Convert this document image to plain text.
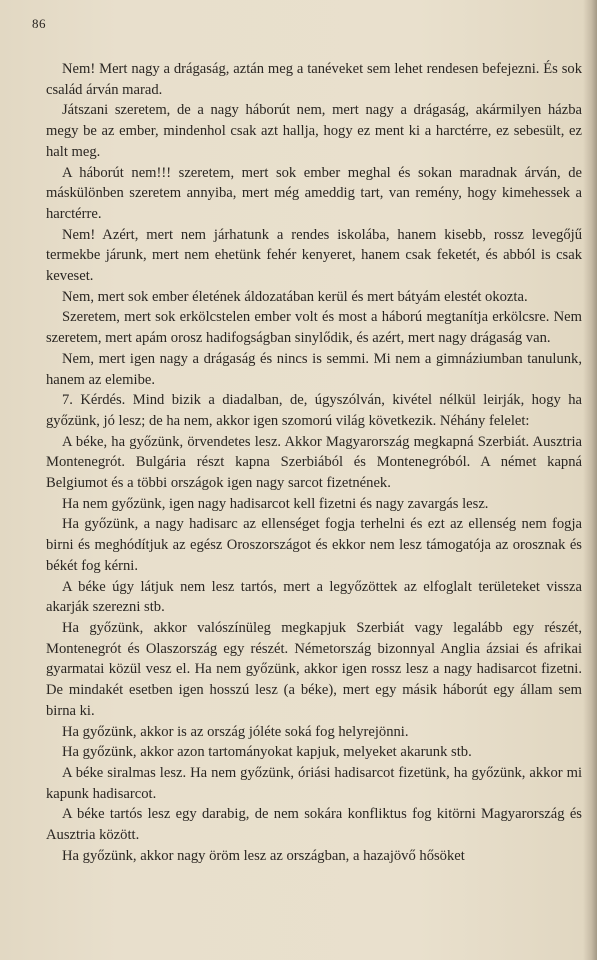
86

Nem! Mert nagy a drágaság, aztán meg a tanéveket sem lehet rendesen befejezni. És sok család árván marad.

Játszani szeretem, de a nagy háborút nem, mert nagy a drágaság, akármilyen házba megy be az ember, mindenhol csak azt hallja, hogy ez ment ki a harctérre, ez sebesült, ez halt meg.

A háborút nem!!! szeretem, mert sok ember meghal és sokan maradnak árván, de máskülönben szeretem annyiba, mert még ameddig tart, van remény, hogy kimehessek a harctérre.

Nem! Azért, mert nem járhatunk a rendes iskolába, hanem kisebb, rossz levegőjű termekbe járunk, mert nem ehetünk fehér kenyeret, hanem csak feketét, és abból is csak keveset.

Nem, mert sok ember életének áldozatában kerül és mert bátyám elestét okozta.

Szeretem, mert sok erkölcstelen ember volt és most a háború megtanítja erkölcsre. Nem szeretem, mert apám orosz hadifogságban sinylődik, és azért, mert nagy drágaság van.

Nem, mert igen nagy a drágaság és nincs is semmi. Mi nem a gimnáziumban tanulunk, hanem az elemibe.

7. Kérdés. Mind bizik a diadalban, de, úgyszólván, kivétel nélkül leirják, hogy ha győzünk, jó lesz; de ha nem, akkor igen szomorú világ következik. Néhány felelet:

A béke, ha győzünk, örvendetes lesz. Akkor Magyarország megkapná Szerbiát. Ausztria Montenegrót. Bulgária részt kapna Szerbiából és Montenegróból. A német kapná Belgiumot és a többi országok igen nagy sarcot fizetnének.

Ha nem győzünk, igen nagy hadisarcot kell fizetni és nagy zavargás lesz.

Ha győzünk, a nagy hadisarc az ellenséget fogja terhelni és ezt az ellenség nem fogja birni és meghódítjuk az egész Oroszországot és ekkor nem lesz támogatója az orosznak és békét fog kérni.

A béke úgy látjuk nem lesz tartós, mert a legyőzöttek az elfoglalt területeket vissza akarják szerezni stb.

Ha győzünk, akkor valószínüleg megkapjuk Szerbiát vagy legalább egy részét, Montenegrót és Olaszország egy részét. Németország bizonnyal Anglia ázsiai és afrikai gyarmatai közül vesz el. Ha nem győzünk, akkor igen rossz lesz a nagy hadisarcot fizetni. De mindakét esetben igen hosszú lesz (a béke), mert egy másik háborút egy állam sem birna ki.

Ha győzünk, akkor is az ország jóléte soká fog helyrejönni.

Ha győzünk, akkor azon tartományokat kapjuk, melyeket akarunk stb.

A béke siralmas lesz. Ha nem győzünk, óriási hadisarcot fizetünk, ha győzünk, akkor mi kapunk hadisarcot.

A béke tartós lesz egy darabig, de nem sokára konfliktus fog kitörni Magyarország és Ausztria között.

Ha győzünk, akkor nagy öröm lesz az országban, a hazajövő hősöket
